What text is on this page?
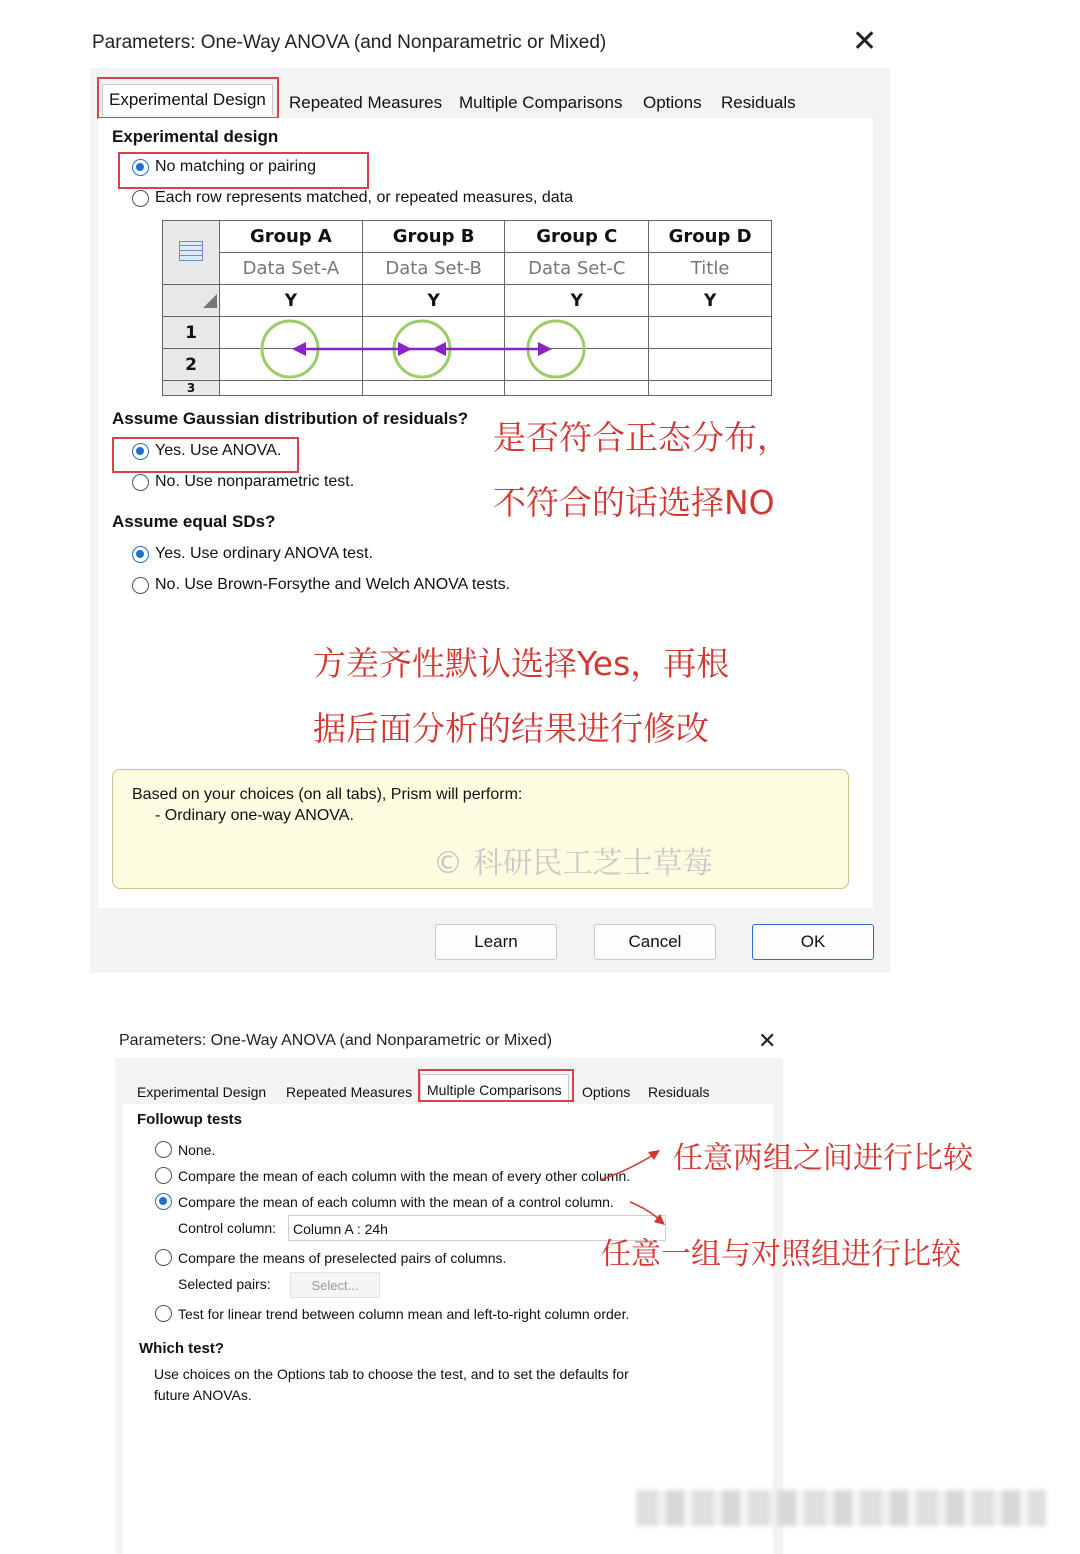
Parameters: One-Way ANOVA (and Nonparametric or Mixed)	✕
Experimental Design	Repeated Measures Multiple Comparisons	Options	Residuals
Experimental design
No matching or pairing
Each row represents matched, or repeated measures, data
	Group A	Group B	Group C	Group D
	Data Set-A	Data Set-B	Data Set-C	Title
	Y	Y	Y	Y
1				
2				
3				
Assume Gaussian distribution of residuals?
Yes. Use ANOVA.
No. Use nonparametric test.
Assume equal SDs?
Yes. Use ordinary ANOVA test.
No. Use Brown-Forsythe and Welch ANOVA tests.
Based on your choices (on all tabs), Prism will perform:
- Ordinary one-way ANOVA.
© 科研民工芝士草莓
Learn	Cancel	OK
是否符合正态分布，
不符合的话选择NO
方差齐性默认选择Yes，再根
据后面分析的结果进行修改
Parameters: One-Way ANOVA (and Nonparametric or Mixed)	✕
Experimental Design	Repeated Measures	Multiple Comparisons	Options	Residuals
Followup tests
None.
Compare the mean of each column with the mean of every other column.
Compare the mean of each column with the mean of a control column.
Control column:	Column A : 24h
Compare the means of preselected pairs of columns.
Selected pairs:	Select...
Test for linear trend between column mean and left-to-right column order.
Which test?
Use choices on the Options tab to choose the test, and to set the defaults for
future ANOVAs.
任意两组之间进行比较
任意一组与对照组进行比较
